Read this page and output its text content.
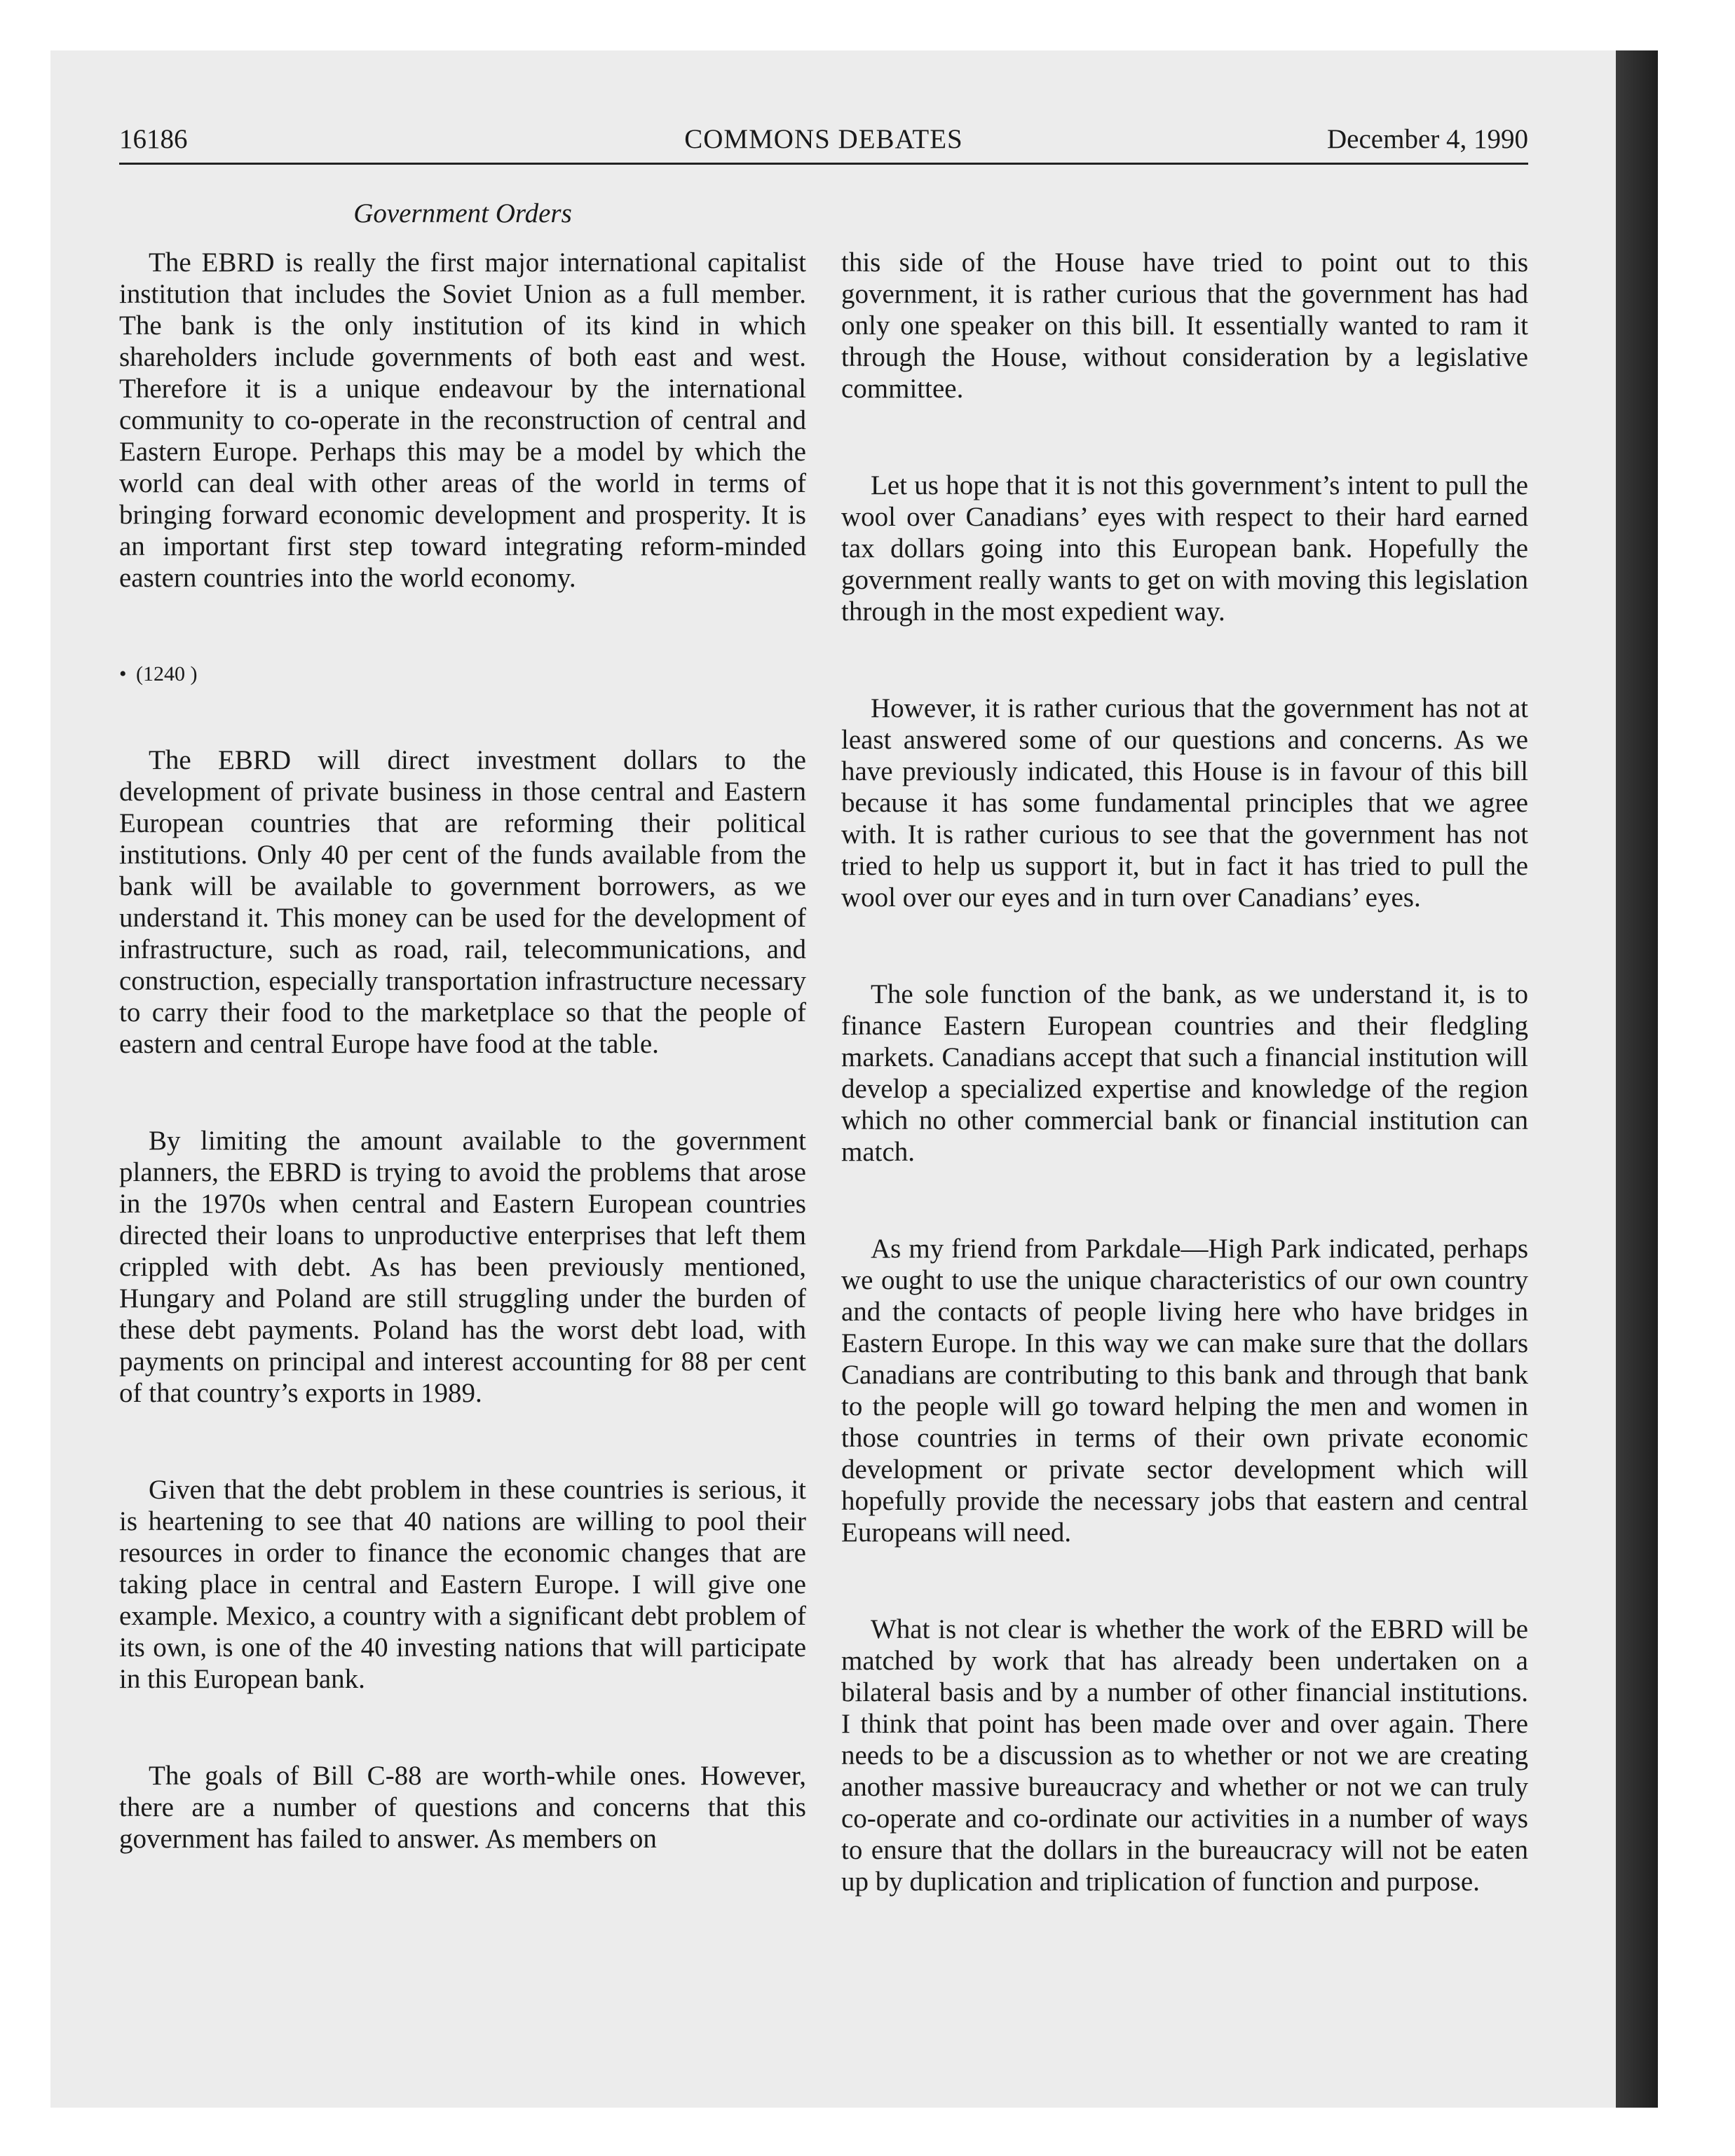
16186	COMMONS DEBATES	December 4, 1990
Government Orders

The EBRD is really the first major international capitalist institution that includes the Soviet Union as a full member. The bank is the only institution of its kind in which shareholders include governments of both east and west. Therefore it is a unique endeavour by the international community to co-operate in the reconstruction of central and Eastern Europe. Perhaps this may be a model by which the world can deal with other areas of the world in terms of bringing forward economic development and prosperity. It is an important first step toward integrating reform-minded eastern countries into the world economy.

• (1240 )

The EBRD will direct investment dollars to the development of private business in those central and Eastern European countries that are reforming their political institutions. Only 40 per cent of the funds available from the bank will be available to government borrowers, as we understand it. This money can be used for the development of infrastructure, such as road, rail, telecommunications, and construction, especially transportation infrastructure necessary to carry their food to the marketplace so that the people of eastern and central Europe have food at the table.

By limiting the amount available to the government planners, the EBRD is trying to avoid the problems that arose in the 1970s when central and Eastern European countries directed their loans to unproductive enterprises that left them crippled with debt. As has been previously mentioned, Hungary and Poland are still struggling under the burden of these debt payments. Poland has the worst debt load, with payments on principal and interest accounting for 88 per cent of that country’s exports in 1989.

Given that the debt problem in these countries is serious, it is heartening to see that 40 nations are willing to pool their resources in order to finance the economic changes that are taking place in central and Eastern Europe. I will give one example. Mexico, a country with a significant debt problem of its own, is one of the 40 investing nations that will participate in this European bank.

The goals of Bill C-88 are worth-while ones. However, there are a number of questions and concerns that this government has failed to answer. As members on

this side of the House have tried to point out to this government, it is rather curious that the government has had only one speaker on this bill. It essentially wanted to ram it through the House, without consideration by a legislative committee.

Let us hope that it is not this government’s intent to pull the wool over Canadians’ eyes with respect to their hard earned tax dollars going into this European bank. Hopefully the government really wants to get on with moving this legislation through in the most expedient way.

However, it is rather curious that the government has not at least answered some of our questions and concerns. As we have previously indicated, this House is in favour of this bill because it has some fundamental principles that we agree with. It is rather curious to see that the government has not tried to help us support it, but in fact it has tried to pull the wool over our eyes and in turn over Canadians’ eyes.

The sole function of the bank, as we understand it, is to finance Eastern European countries and their fledgling markets. Canadians accept that such a financial institution will develop a specialized expertise and knowledge of the region which no other commercial bank or financial institution can match.

As my friend from Parkdale—High Park indicated, perhaps we ought to use the unique characteristics of our own country and the contacts of people living here who have bridges in Eastern Europe. In this way we can make sure that the dollars Canadians are contributing to this bank and through that bank to the people will go toward helping the men and women in those countries in terms of their own private economic development or private sector development which will hopefully provide the necessary jobs that eastern and central Europeans will need.

What is not clear is whether the work of the EBRD will be matched by work that has already been undertaken on a bilateral basis and by a number of other financial institutions. I think that point has been made over and over again. There needs to be a discussion as to whether or not we are creating another massive bureaucracy and whether or not we can truly co-operate and co-ordinate our activities in a number of ways to ensure that the dollars in the bureaucracy will not be eaten up by duplication and triplication of function and purpose.
